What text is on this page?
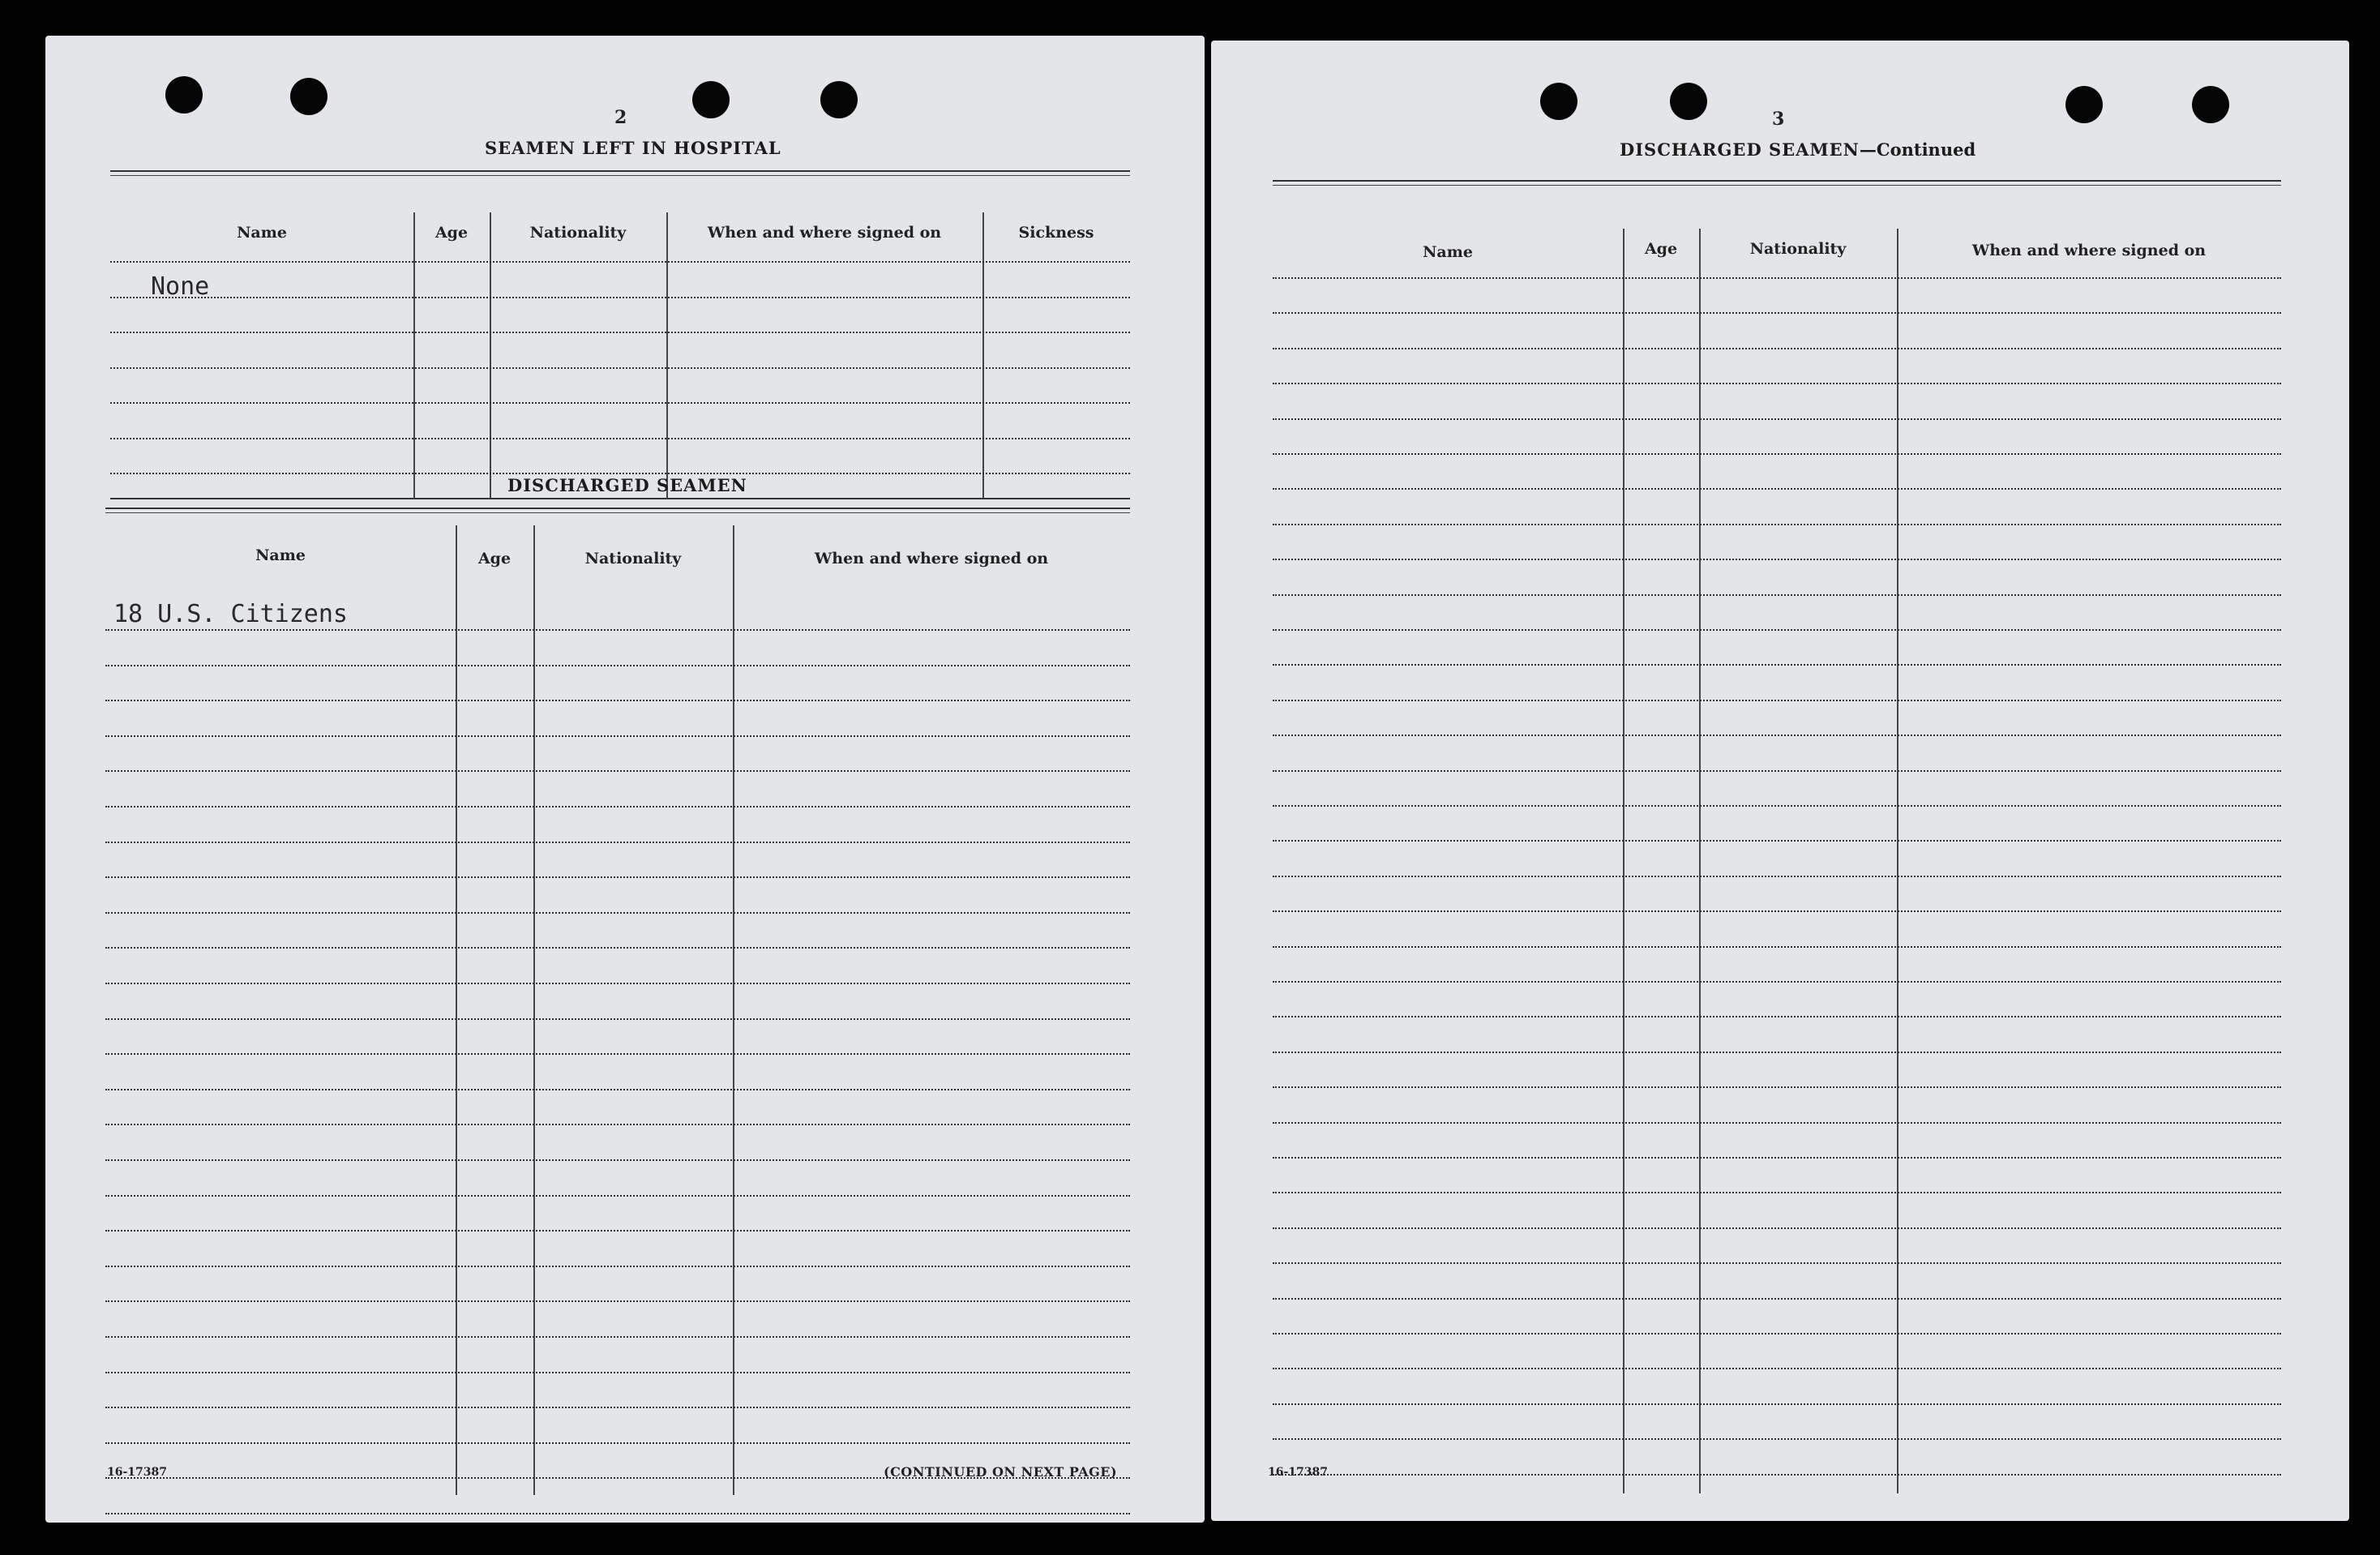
2
SEAMEN LEFT IN HOSPITAL
Name	Age	Nationality	When and where signed on	Sickness
None
DISCHARGED SEAMEN
Name	Age	Nationality	When and where signed on
18 U.S. Citizens
16-17387	(CONTINUED ON NEXT PAGE)
3
DISCHARGED SEAMEN—Continued
Name	Age	Nationality	When and where signed on
16-17387
